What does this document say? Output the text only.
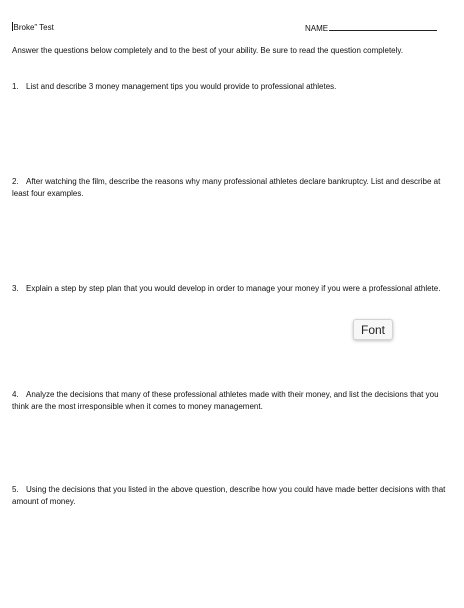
Broke” Test	NAME
Answer the questions below completely and to the best of your ability. Be sure to read the question completely.
1. List and describe 3 money management tips you would provide to professional athletes.
2. After watching the film, describe the reasons why many professional athletes declare bankruptcy. List and describe at least four examples.
3. Explain a step by step plan that you would develop in order to manage your money if you were a professional athlete.
4. Analyze the decisions that many of these professional athletes made with their money, and list the decisions that you think are the most irresponsible when it comes to money management.
5. Using the decisions that you listed in the above question, describe how you could have made better decisions with that amount of money.
Font
